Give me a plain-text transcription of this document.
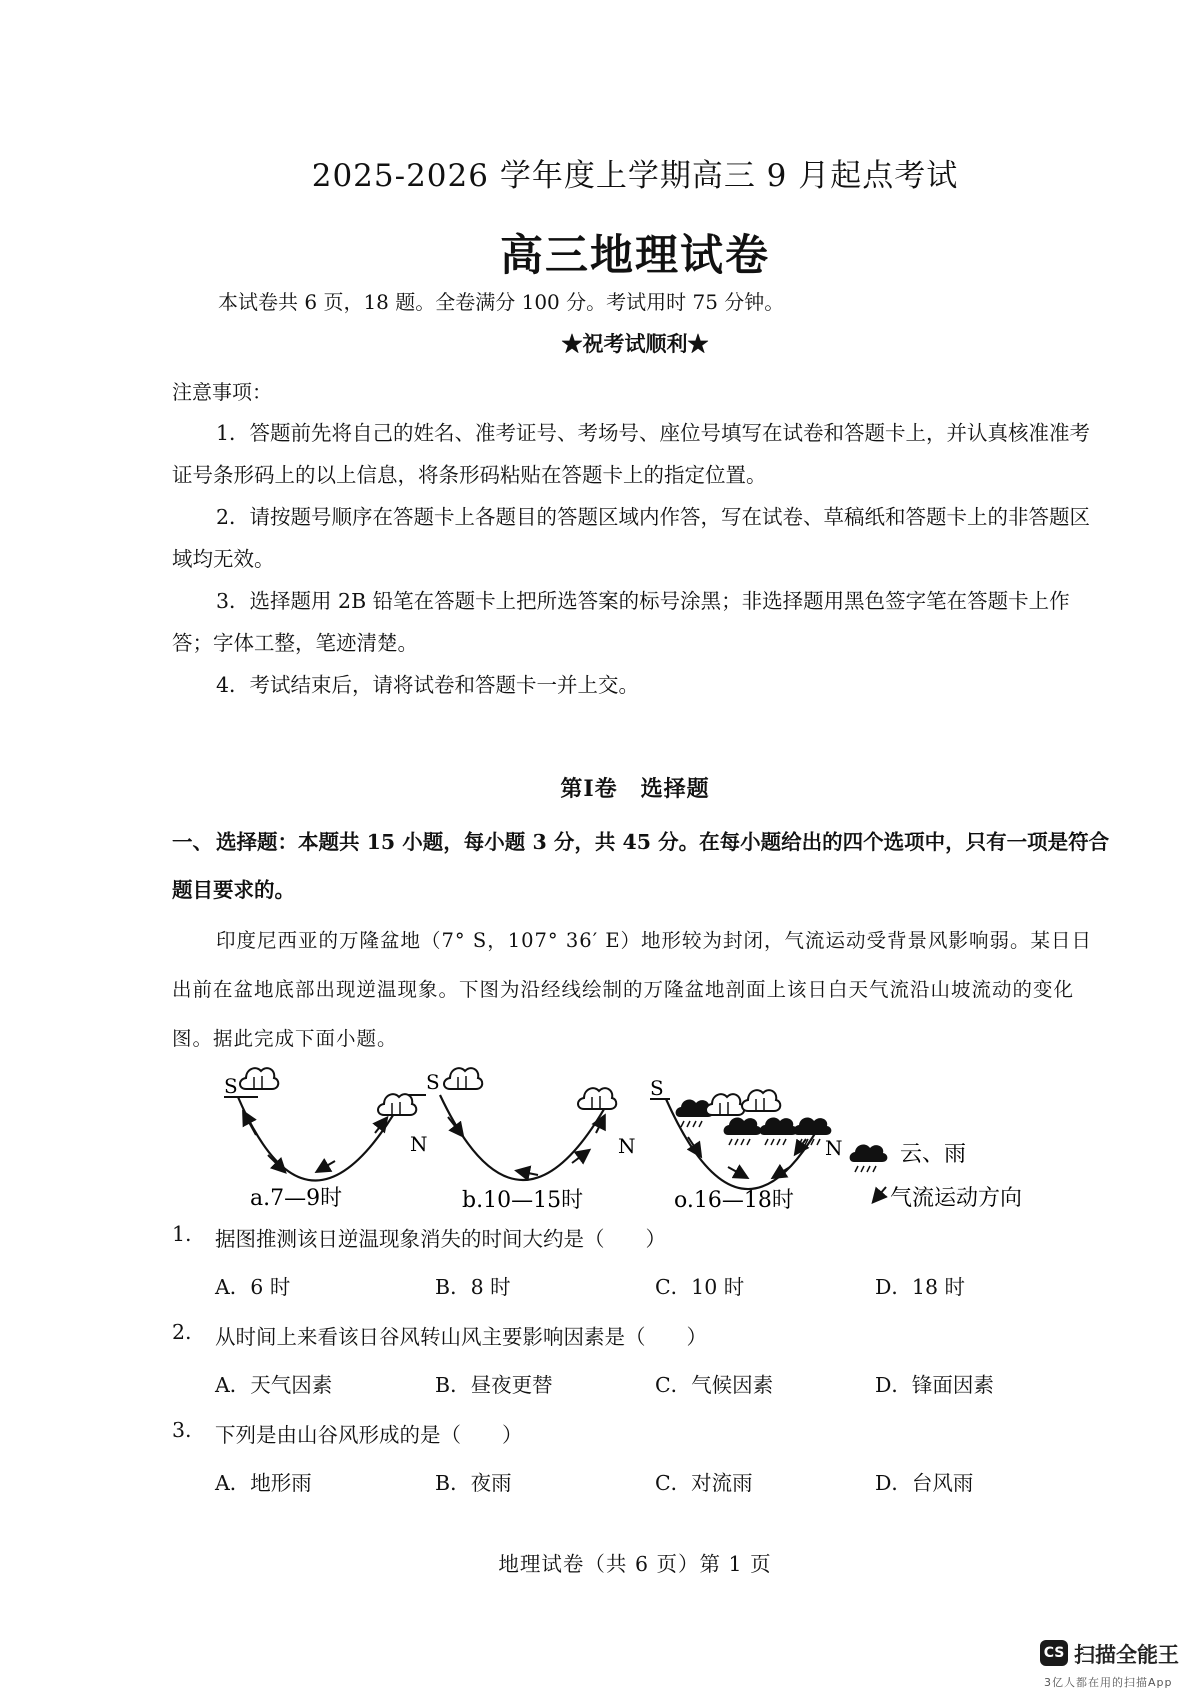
2025-2026 学年度上学期高三 9 月起点考试
高三地理试卷
本试卷共 6 页，18 题。全卷满分 100 分。考试用时 75 分钟。
★祝考试顺利★
注意事项：
1．答题前先将自己的姓名、准考证号、考场号、座位号填写在试卷和答题卡上，并认真核准准考证号条形码上的以上信息，将条形码粘贴在答题卡上的指定位置。
2．请按题号顺序在答题卡上各题目的答题区域内作答，写在试卷、草稿纸和答题卡上的非答题区域均无效。
3．选择题用 2B 铅笔在答题卡上把所选答案的标号涂黑；非选择题用黑色签字笔在答题卡上作答；字体工整，笔迹清楚。
4．考试结束后，请将试卷和答题卡一并上交。
第Ⅰ卷　选择题
一、 选择题：本题共 15 小题，每小题 3 分，共 45 分。在每小题给出的四个选项中，只有一项是符合题目要求的。
印度尼西亚的万隆盆地（7° S，107° 36′ E）地形较为封闭，气流运动受背景风影响弱。某日日出前在盆地底部出现逆温现象。下图为沿经线绘制的万隆盆地剖面上该日白天气流沿山坡流动的变化图。据此完成下面小题。
S
N
a.7—9时
S
N
b.10—15时
S
N
o.16—18时
云、雨
气流运动方向
1. 据图推测该日逆温现象消失的时间大约是（　　）
A．6 时	B．8 时	C．10 时	D．18 时
2. 从时间上来看该日谷风转山风主要影响因素是（　　）
A．天气因素	B．昼夜更替	C．气候因素	D．锋面因素
3. 下列是由山谷风形成的是（　　）
A．地形雨	B．夜雨	C．对流雨	D．台风雨
地理试卷（共 6 页）第 1 页
CS 扫描全能王
3亿人都在用的扫描App
